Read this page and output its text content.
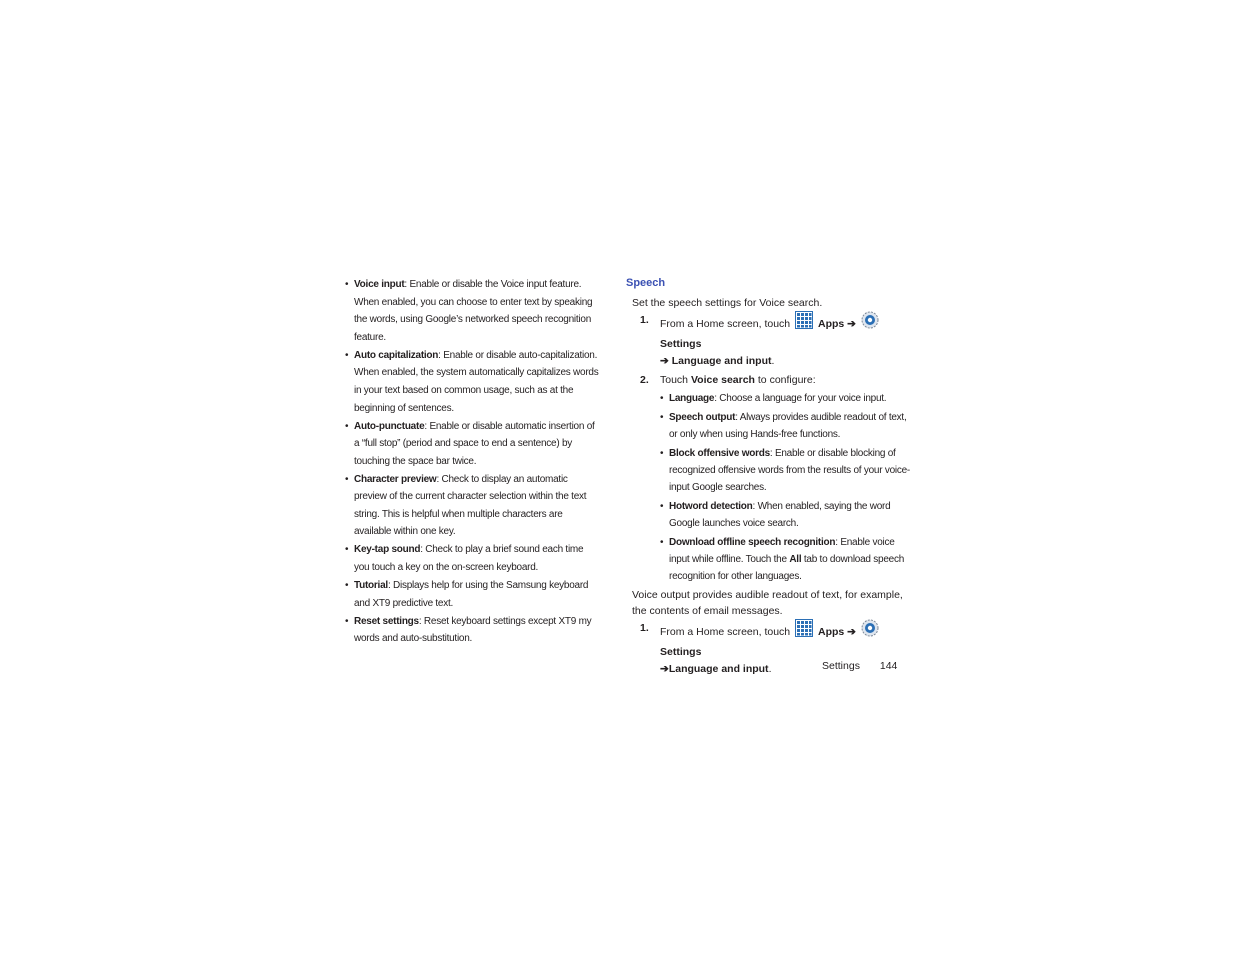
• Voice input: Enable or disable the Voice input feature. When enabled, you can choose to enter text by speaking the words, using Google’s networked speech recognition feature.
• Auto capitalization: Enable or disable auto-capitalization. When enabled, the system automatically capitalizes words in your text based on common usage, such as at the beginning of sentences.
• Auto-punctuate: Enable or disable automatic insertion of a “full stop” (period and space to end a sentence) by touching the space bar twice.
• Character preview: Check to display an automatic preview of the current character selection within the text string. This is helpful when multiple characters are available within one key.
• Key-tap sound: Check to play a brief sound each time you touch a key on the on-screen keyboard.
• Tutorial: Displays help for using the Samsung keyboard and XT9 predictive text.
• Reset settings: Reset keyboard settings except XT9 my words and auto-substitution.
Speech
Set the speech settings for Voice search.
1. From a Home screen, touch	Apps ➔  Settings
➔ Language and input.
2. Touch Voice search to configure:
• Language: Choose a language for your voice input.
• Speech output: Always provides audible readout of text, or only when using Hands-free functions.
• Block offensive words: Enable or disable blocking of recognized offensive words from the results of your voice-input Google searches.
• Hotword detection: When enabled, saying the word Google launches voice search.
• Download offline speech recognition: Enable voice input while offline. Touch the All tab to download speech recognition for other languages.
Voice output provides audible readout of text, for example, the contents of email messages.
1. From a Home screen, touch	Apps ➔  Settings
➔Language and input.	Settings 144
